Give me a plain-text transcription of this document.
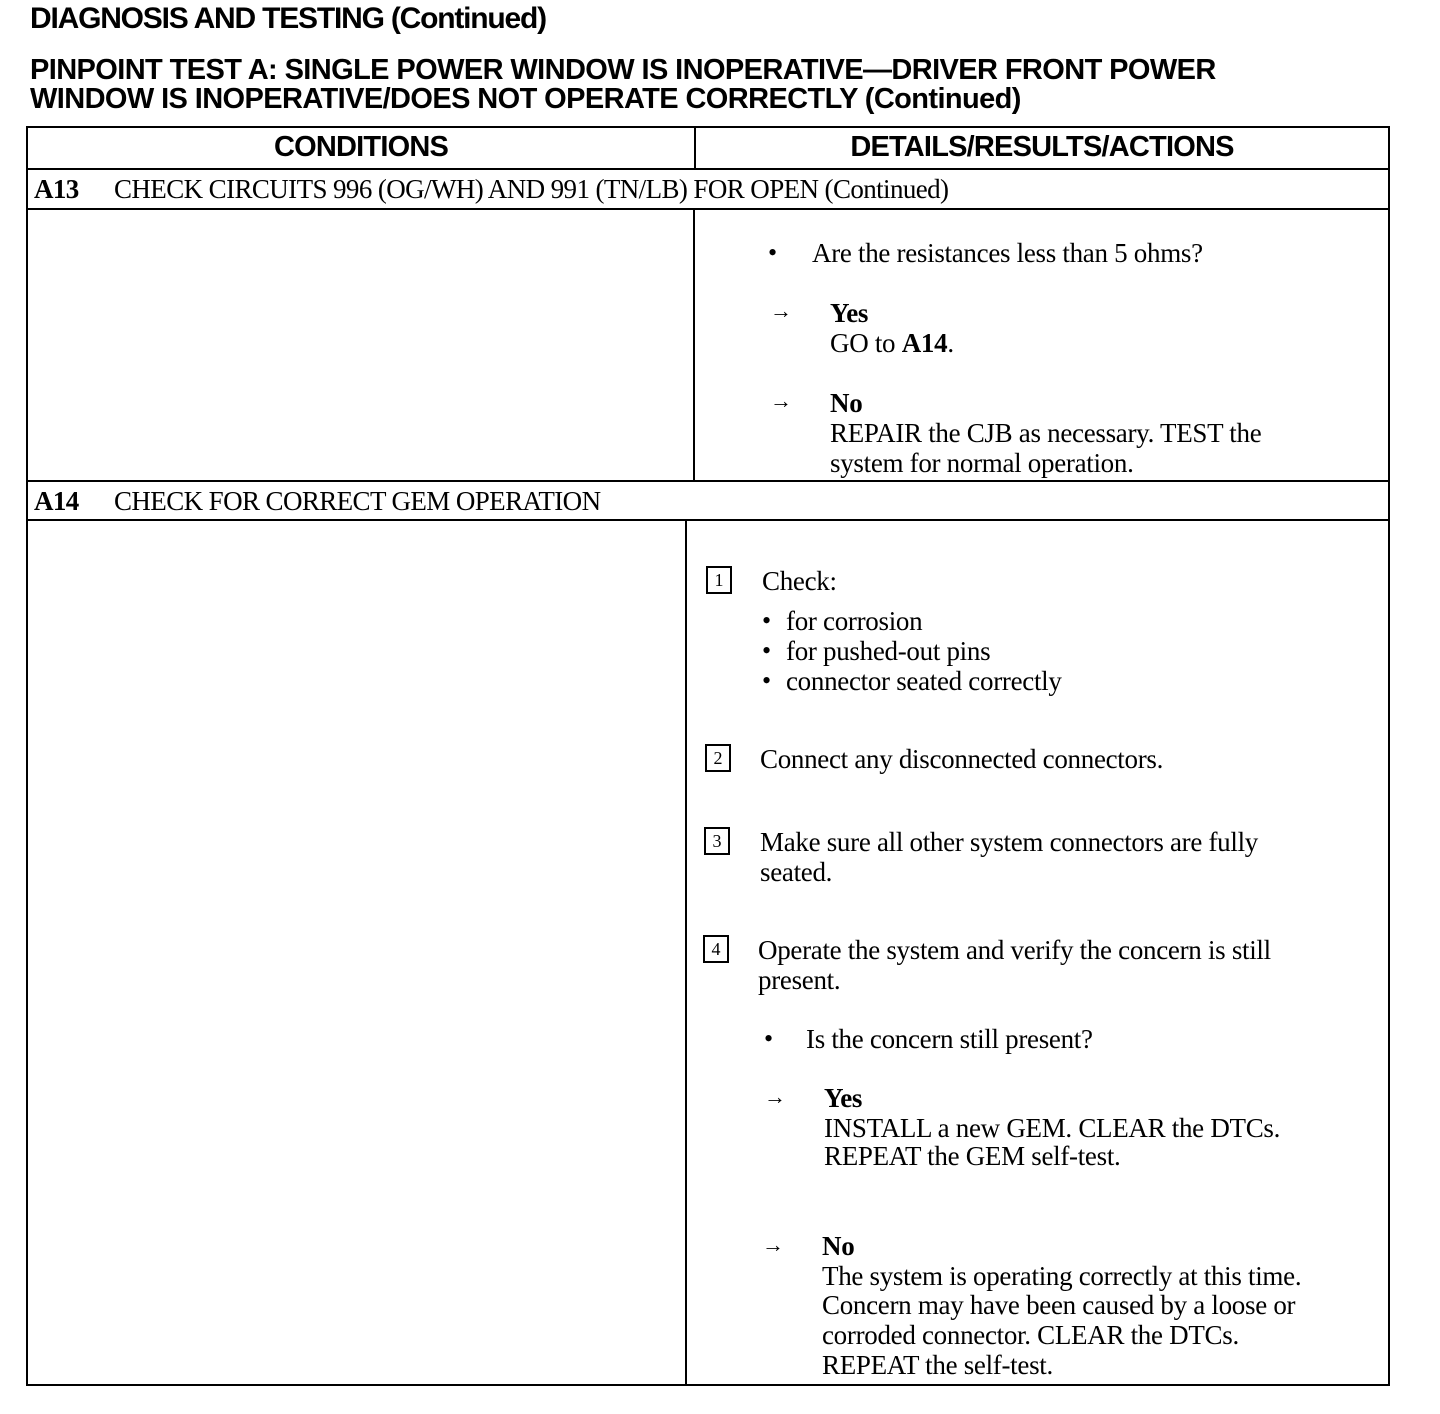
DIAGNOSIS AND TESTING (Continued)
PINPOINT TEST A: SINGLE POWER WINDOW IS INOPERATIVE—DRIVER FRONT POWER
WINDOW IS INOPERATIVE/DOES NOT OPERATE CORRECTLY (Continued)
CONDITIONS	DETAILS/RESULTS/ACTIONS
A13 CHECK CIRCUITS 996 (OG/WH) AND 991 (TN/LB) FOR OPEN (Continued)
• Are the resistances less than 5 ohms?
→ Yes
GO to A14.
→ No
REPAIR the CJB as necessary. TEST the
system for normal operation.
A14 CHECK FOR CORRECT GEM OPERATION
1	Check:
• for corrosion
• for pushed-out pins
• connector seated correctly
2	Connect any disconnected connectors.
3	Make sure all other system connectors are fully
seated.
4	Operate the system and verify the concern is still
present.
• Is the concern still present?
→ Yes
INSTALL a new GEM. CLEAR the DTCs.
REPEAT the GEM self-test.
→ No
The system is operating correctly at this time.
Concern may have been caused by a loose or
corroded connector. CLEAR the DTCs.
REPEAT the self-test.
